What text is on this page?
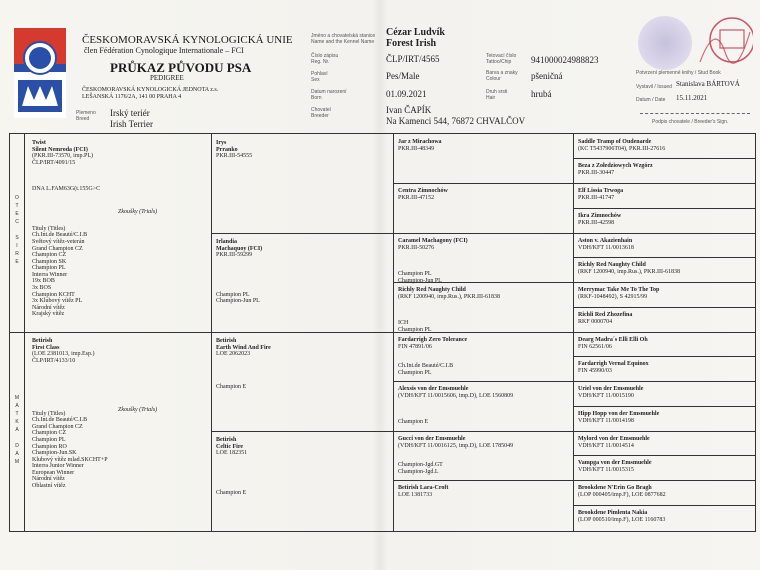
ČESKOMORAVSKÁ KYNOLOGICKÁ UNIE
člen Fédération Cynologique Internationale – FCI
PRŮKAZ PŮVODU PSA
PEDIGREE
ČESKOMORAVSKÁ KYNOLOGICKÁ JEDNOTA z.s.
LEŠANSKÁ 1176/2A, 141 00 PRAHA 4
Plemeno
Breed
Irský teriér
Irish Terrier
Jméno a chovatelská stanice
Name and the Kennel Name
Cézar Ludvík
Forest Irish
Číslo zápisu
Reg. Nr.	ČLP/IRT/4565	Tetovací číslo
Tattoo/Chip	941000024988823
Pohlaví
Sex	Pes/Male	Barva a znaky
Colour	pšeničná
Datum narození
Born	01.09.2021	Druh srsti
Hair	hrubá
Chovatel
Breeder
Ivan ČAPÍK
Na Kamenci 544, 76872 CHVALČOV
Potvrzení plemenné knihy / Stud Book
Vystavil / Issued Stanislava BÁRTOVÁ
Datum / Date 15.11.2021
Podpis chovatele / Breeder's Sign.
O
T
E
C

S
I
R
E
M
A
T
K
A

D
A
M
Twist
Silent Nemroda (FCI)
(PKR.III-73570, imp.PL)
ČLP/IRT/4091/15

DNA L.FAM63G(t.155G>C

Tituly (Titles)
Ch.Int.de Beauté/C.I.B
Světový vítěz-veterán
Grand Champion CZ
Champion CZ
Champion SK
Champion PL
Interra Winner
19x BOB
3x BOS
Champion KCHT
3x Klubový vítěz PL
Národní vítěz
Krajský vítěz
Zkoušky (Trials)
Betirish
First Class
(LOE 2381013, imp.Esp.)
ČLP/IRT/4133/10

Tituly (Titles)
Ch.Int.de Beauté/C.I.B
Grand Champion CZ
Champion CZ
Champion PL
Champion RO
Champion-Jun.SK
Klubový vítěz mlad.SKCHT+P
Interra Junior Winner
European Winner
Národní vítěz
Oblastní vítěz
Zkoušky (Trials)
Irys
Prranko
PKR.III-54555
Irlandia
Machaquoy (FCI)
PKR.III-59299

Champion PL
Champion-Jun PL
Betirish
Earth Wind And Fire
LOE 2062023

Champion E
Betirish
Celtic Fire
LOE 182351

Champion E
Jar z Mirachowa
PKR.III-48349
Centra Zimnochów
PKR.III-47152
Caramel Machagony (FCI)
PKR.III-50276

Champion PL
Champion-Jun PL
Richly Red Naughty Child
(RKF 1200940, imp.Rus.), PKR.III-61838

ICH
Champion PL
Fardarrigh Zero Tolerance
FIN 47891/06

Ch.Int.de Beauté/C.I.B
Champion PL
Alexsis von der Emsmuehle
(VDH/KFT 11/0015606, imp.D), LOE 1560809

Champion E
Gucci von der Emsmuehle
(VDH/KFT 11/0016125, imp.D), LOE 1785049

Champion-Jgd.GT
Champion-Jgd.L
Betirish Lara-Croft
LOE 1381733
Saddle Tramp of Oudenarde
(KC T5437906T04), PKR.III-27616
Beza z Zołedziowych Wzgórz
PKR.III-30447
Elf Lissia Trwoga
PKR.III-41747
Ikra Zimnochów
PKR.III-42598
Aston v. Akazienhain
VDH/KFT 11/0013618
Richly Red Naughty Child
(RKF 1200940, imp.Rus.), PKR.III-61838
Merrymac Take Me To The Top
(RKF-1048492), S 42915/99
Richli Red Zhozefina
RKF 0000704
Dearg Madra´s Elli Elli Oh
FIN 62561/06
Fardarrigh Vernal Equinox
FIN 45990/03
Uriel von der Emsmuehle
VDH/KFT 11/0015190
Hipp Hopp von der Emsmuehle
VDH/KFT 11/0014198
Mylord von der Emsmuehle
VDH/KFT 11/0014514
Vampga von der Emsmuehle
VDH/KFT 11/0015315
Brookdene N'Erin Go Bragh
(LOP 000405/imp.F), LOE 0877682
Brookdene Pimlenta Nakia
(LOP 000510/imp.F), LOE 1160783
